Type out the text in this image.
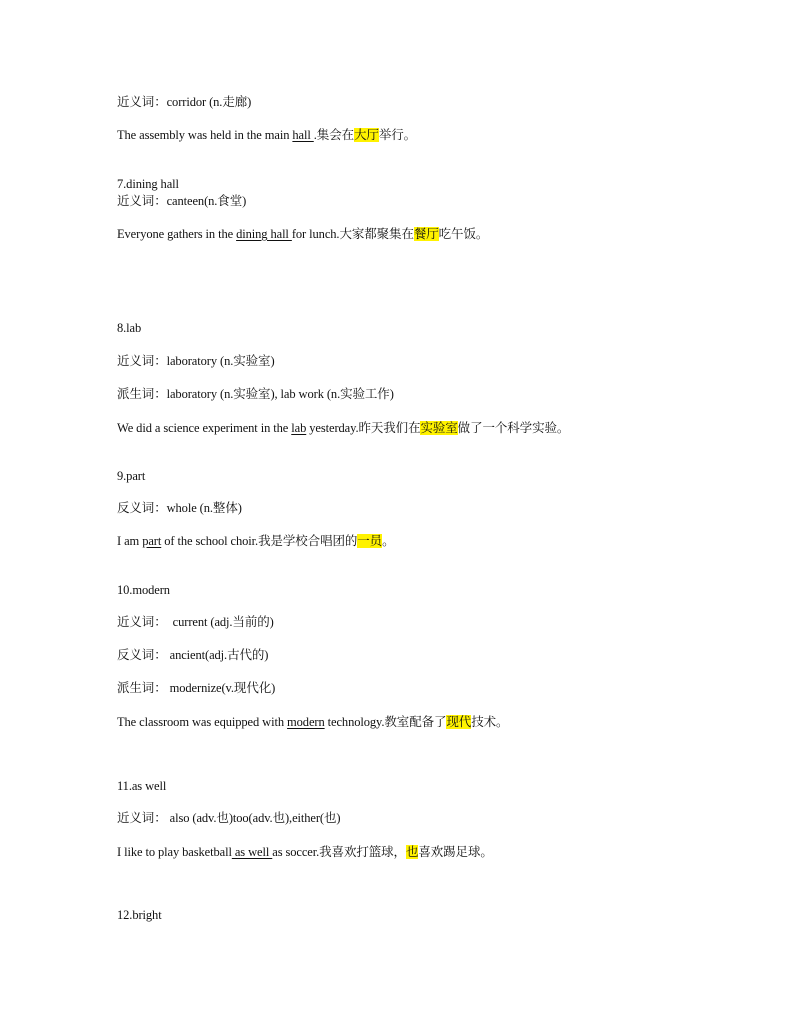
近义词：corridor (n.走廊)
The assembly was held in the main hall .集会在大厅举行。
7.dining hall
近义词：canteen(n.食堂)
Everyone gathers in the dining hall for lunch.大家都聚集在餐厅吃午饭。
8.lab
近义词：laboratory (n.实验室)
派生词：laboratory (n.实验室), lab work (n.实验工作)
We did a science experiment in the lab yesterday.昨天我们在实验室做了一个科学实验。
9.part
反义词：whole (n.整体)
I am part of the school choir.我是学校合唱团的一员。
10.modern
近义词：  current (adj.当前的)
反义词： ancient(adj.古代的)
派生词： modernize(v.现代化)
The classroom was equipped with modern technology.教室配备了现代技术。
11.as well
近义词： also (adv.也)too(adv.也),either(也)
I like to play basketball as well as soccer.我喜欢打篮球，也喜欢踢足球。
12.bright
